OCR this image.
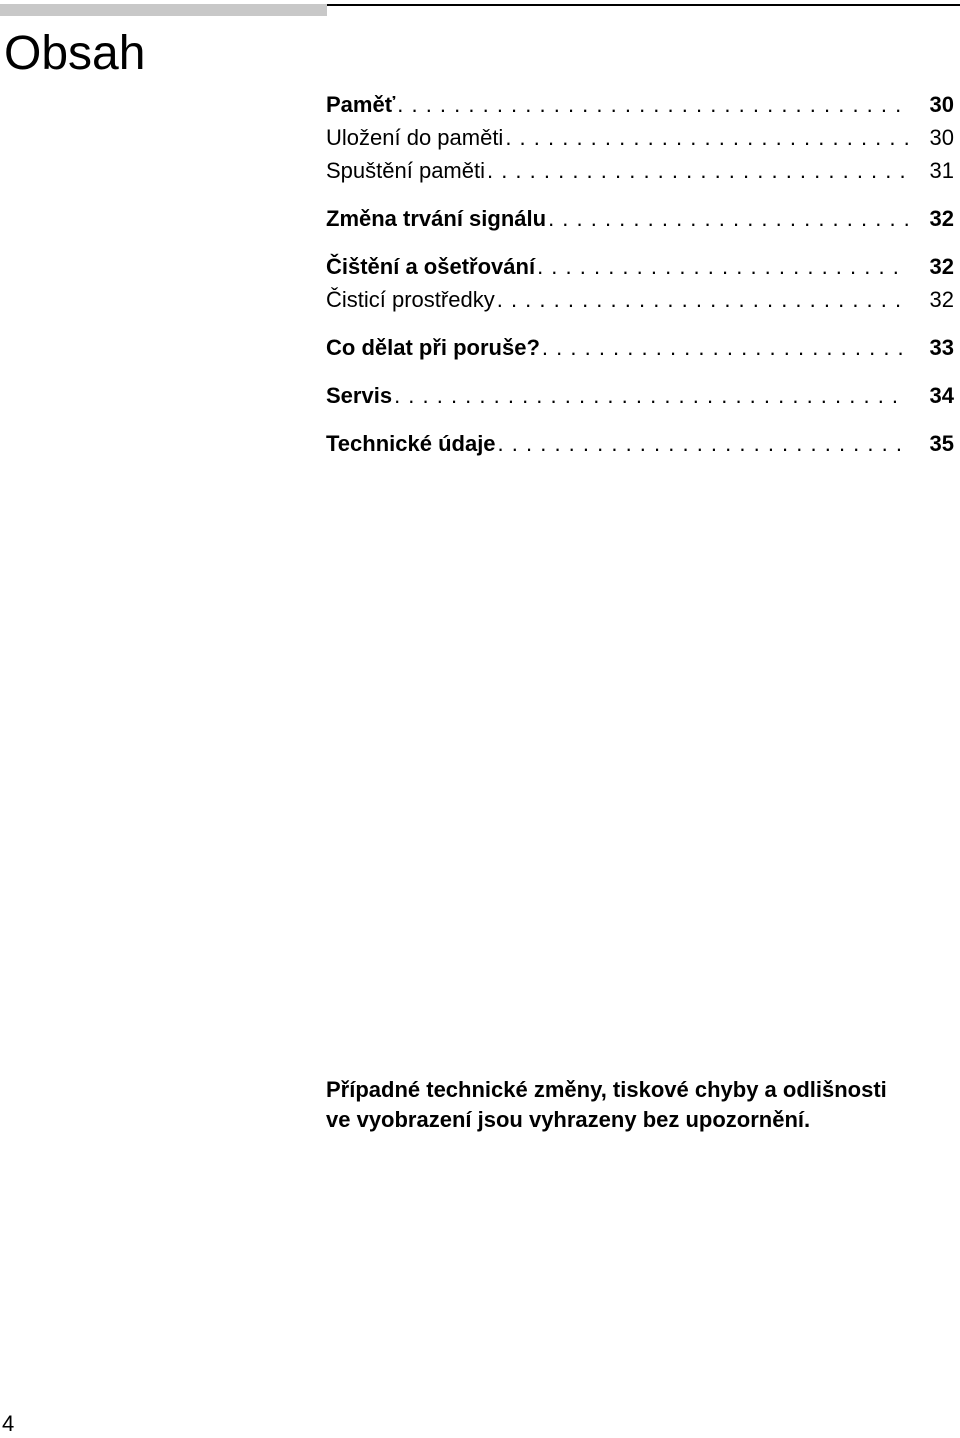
Obsah
Paměť . . .	30
Uložení do paměti . . .	30
Spuštění paměti . . .	31
Změna trvání signálu . . .	32
Čištění a ošetřování . . .	32
Čisticí prostředky . . .	32
Co dělat při poruše? . . .	33
Servis . . .	34
Technické údaje . . .	35

Případné technické změny, tiskové chyby a odlišnosti
ve vyobrazení jsou vyhrazeny bez upozornění.

4
